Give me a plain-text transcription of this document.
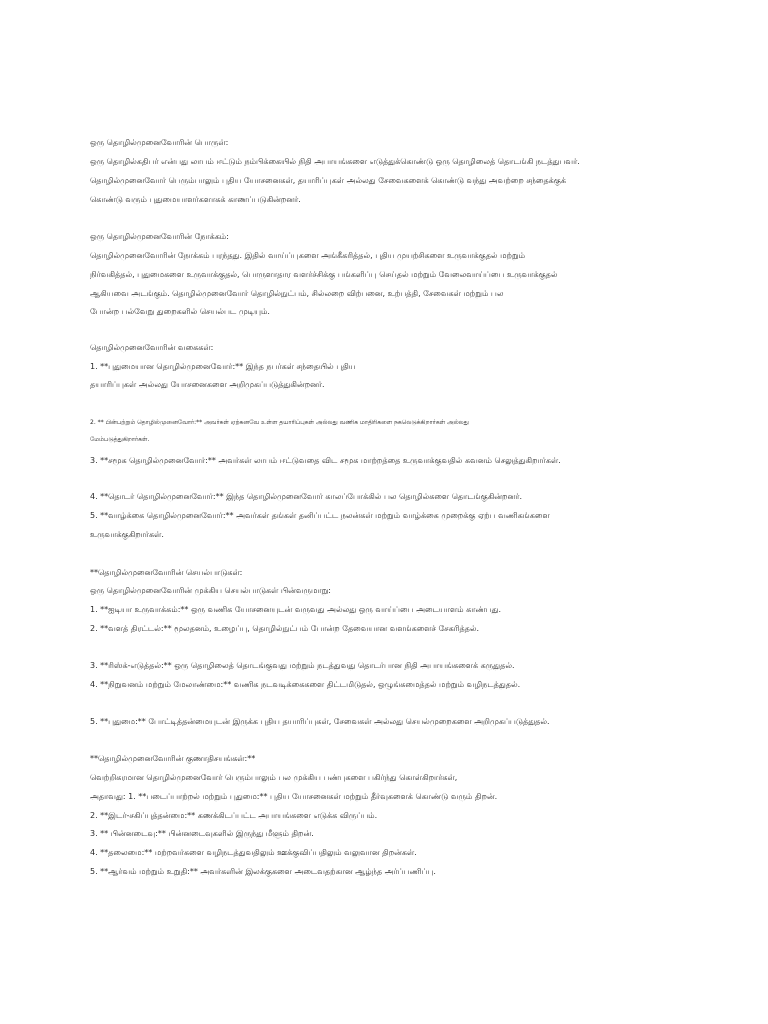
ஒரு தொழில்முனைவோரின் பொருள்:
ஒரு தொழில்கதிபர் என்பது லாபம் ஈட்டும் நம்பிக்கையில் நிதி அபாயங்களை எடுத்துக்கொண்டு ஒரு தொழிலைத் தொடங்கி நடத்துபவர்.
தொழில்முனைவோர் பெரும்பாலும் புதிய யோசனைகள், தயாரிப்புகள் அல்லது சேவைகளைக் கொண்டு வந்து அவற்றை சந்தைக்குக்
கொண்டு வரும் புதுமையாளர்களாகக் காணப்படுகின்றனர்.
ஒரு தொழில்முனைவோரின் நோக்கம்:
தொழில்முனைவோரின் நோக்கம் பரந்தது. இதில் வாய்ப்புகளை அங்கீகரித்தல், புதிய முயற்சிகளை உருவாக்குதல் மற்றும்
நிர்வகித்தல், புதுமைகளை உருவாக்குதல், பொருளாதார வளர்ச்சிக்கு பங்களிப்பு செய்தல் மற்றும் வேலைவாய்ப்பை உருவாக்குதல்
ஆகியவை அடங்கும். தொழில்முனைவோர் தொழில்நுட்பம், சில்லறை விற்பனை, உற்பத்தி, சேவைகள் மற்றும் பல
போன்ற பல்வேறு துறைகளில் செயல்பட முடியும்.
தொழில்முனைவோரின் வகைகள்:
1. **புதுமையான தொழில்முனைவோர்:** இந்த நபர்கள் சந்தையில் புதிய
தயாரிப்புகள் அல்லது யோசனைகளை அறிமுகப்படுத்துகின்றனர்.
2. ** பின்பற்றும் தொழில்முனைவோர்:** அவர்கள் ஏற்கனவே உள்ள தயாரிப்புகள் அல்லது வணிக மாதிரிகளை நகலெடுக்கிறார்கள் அல்லது
மேம்படுத்துகிறார்கள்.
3. **சமூக தொழில்முனைவோர்:** அவர்கள் லாபம் ஈட்டுவதை விட சமூக மாற்றத்தை உருவாக்குவதில் கவனம் செலுத்துகிறார்கள்.
4. **தொடர் தொழில்முனைவோர்:** இந்த தொழில்முனைவோர் காலப்போக்கில் பல தொழில்களை தொடங்குகின்றனர்.
5. **வாழ்க்கை தொழில்முனைவோர்:** அவர்கள் தங்கள் தனிப்பட்ட நலன்கள் மற்றும் வாழ்க்கை முறைக்கு ஏற்ப வணிகங்களை
உருவாக்குகிறார்கள்.
**தொழில்முனைவோரின் செயல்பாடுகள்:
ஒரு தொழில்முனைவோரின் முக்கிய செயல்பாடுகள் பின்வருமாறு:
1. **ஐடியா உருவாக்கம்:** ஒரு வணிக யோசனையுடன் வருவது அல்லது ஒரு வாய்ப்பை அடையாளம் காண்பது.
2. **வளத் திரட்டல்:** மூலதனம், உழைப்பு, தொழில்நுட்பம் போன்ற தேவையான வளங்களைச் சேகரித்தல்.
3. **ரிஸ்க்-எடுத்தல்:** ஒரு தொழிலைத் தொடங்குவது மற்றும் நடத்துவது தொடர்பான நிதி அபாயங்களைக் கருதுதல்.
4. **நிறுவனம் மற்றும் மேலாண்மை:** வணிக நடவடிக்கைகளை திட்டமிடுதல், ஒழுங்கமைத்தல் மற்றும் வழிநடத்துதல்.
5. **புதுமை:** போட்டித்தன்மையுடன் இருக்க புதிய தயாரிப்புகள், சேவைகள் அல்லது செயல்முறைகளை அறிமுகப்படுத்துதல்.
**தொழில்முனைவோரின் குணாதிசயங்கள்:**
வெற்றிகரமான தொழில்முனைவோர் பெரும்பாலும் பல முக்கிய பண்புகளை பகிர்ந்து கொள்கிறார்கள்,
அதாவது: 1. **படைப்பாற்றல் மற்றும் புதுமை:** புதிய யோசனைகள் மற்றும் தீர்வுகளைக் கொண்டு வரும் திறன்.
2. **இடர்-சகிப்புத்தன்மை:** கணக்கிடப்பட்ட அபாயங்களை எடுக்க விருப்பம்.
3. ** பின்னடைவு:** பின்னடைவுகளில் இருந்து மீளும் திறன்.
4. **தலைமை:** மற்றவர்களை வழிநடத்துவதிலும் ஊக்குவிப்பதிலும் வலுவான திறன்கள்.
5. **ஆர்வம் மற்றும் உறுதி:** அவர்களின் இலக்குகளை அடைவதற்கான ஆழ்ந்த அர்ப்பணிப்பு.
